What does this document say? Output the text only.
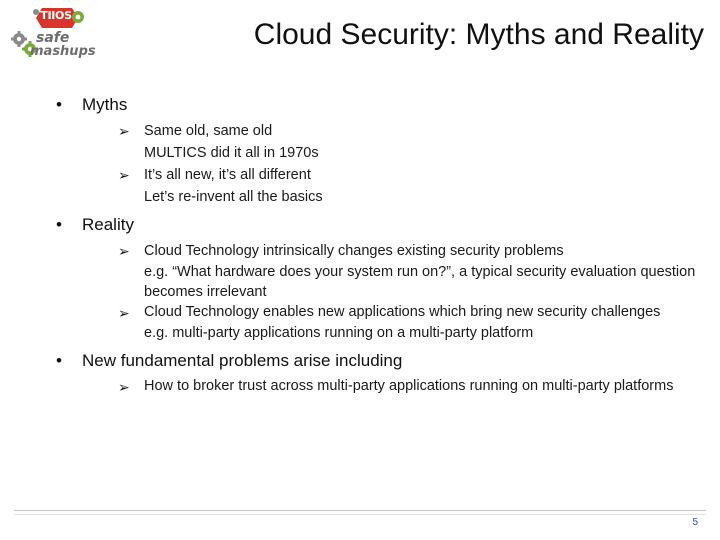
TIIOS
safe
mashups
Cloud Security: Myths and Reality
• Myths
➢ Same old, same old
MULTICS did it all in 1970s
➢ It’s all new, it’s all different
Let’s re-invent all the basics
• Reality
➢ Cloud Technology intrinsically changes existing security problems
e.g. “What hardware does your system run on?”, a typical security evaluation question becomes irrelevant
➢ Cloud Technology enables new applications which bring new security challenges
e.g. multi-party applications running on a multi-party platform
• New fundamental problems arise including
➢ How to broker trust across multi-party applications running on multi-party platforms
5
